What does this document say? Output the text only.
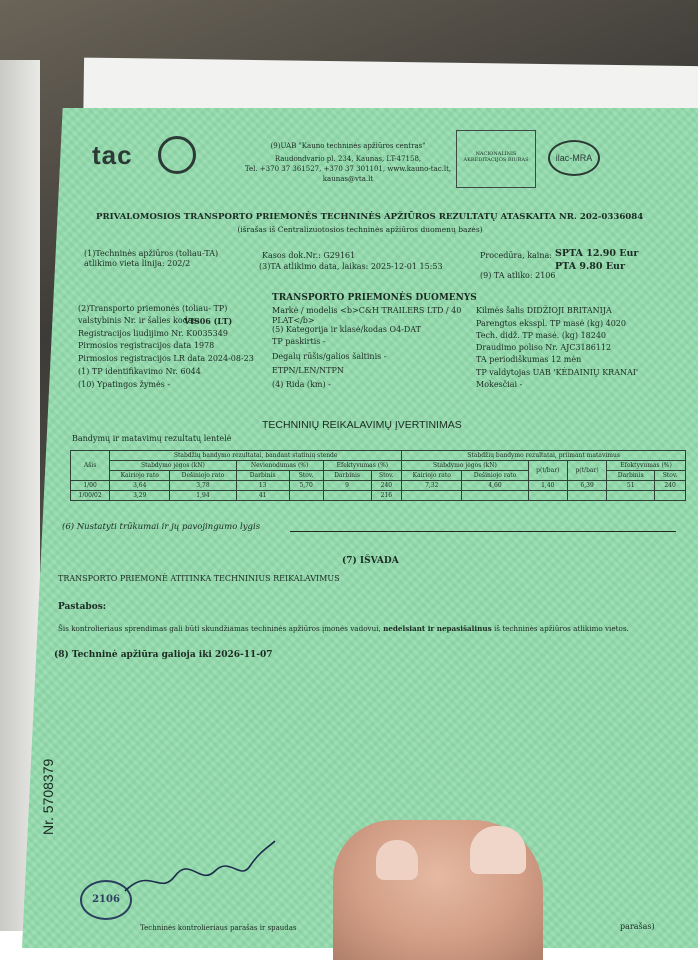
tac	(9)UAB "Kauno techninės apžiūros centras"
Raudondvario pl. 234, Kaunas, LT-47158,
Tel. +370 37 361527, +370 37 301101, www.kauno-tac.lt,
kaunas@vta.lt
NACIONALINIS AKREDITACIJOS BIURAS	ilac-MRA
PRIVALOMOSIOS TRANSPORTO PRIEMONĖS TECHNINĖS APŽIŪROS REZULTATŲ ATASKAITA NR. 202-0336084
(išrašas iš Centralizuotosios techninės apžiūros duomenų bazės)
(1)Techninės apžiūros (toliau-TA)
atlikimo vieta linija: 202/2
Kasos dok.Nr.: G29161
(3)TA atlikimo data, laikas: 2025-12-01 15:53
Procedūra, kaina: SPTA 12.90 Eur
PTA 9.80 Eur
(9) TA atliko: 2106
TRANSPORTO PRIEMONĖS DUOMENYS
(2)Transporto priemonės (toliau- TP)
valstybinis Nr. ir šalies kodas:
VIS06 (LT)
Registracijos liudijimo Nr. K0035349
Pirmosios registracijos data 1978
Pirmosios registracijos LR data 2024-08-23
(1) TP identifikavimo Nr. 6044
(10) Ypatingos žymės -
Markė / modelis <b>C&H TRAILERS LTD / 40
PLAT</b>
(5) Kategorija ir klasė/kodas O4-DAT
TP paskirtis -
Degalų rūšis/galios šaltinis -
ETPN/LEN/NTPN
(4) Rida (km) -
Kilmės šalis DIDŽIOJI BRITANIJA
Parengtos eksspl. TP masė (kg) 4020
Tech. didž. TP masė. (kg) 18240
Draudimo poliso Nr. AJC3186112
TA periodiškumas 12 mėn
TP valdytojas UAB 'KĖDAINIŲ KRANAI'
Mokesčiai -
TECHNINIŲ REIKALAVIMŲ ĮVERTINIMAS
Bandymų ir matavimų rezultatų lentelė
Ašis	Stabdžių bandymo rezultatai, bandant statinių stende						Stabdžių bandymo rezultatai, priimant matavimus					
	Stabdymo jėgos (kN)		Nevienodumas (%)		Efektyvumas (%)		Stabdymo jėgos (kN)		p(t/bar)	p(t/bar)	Efektyvumas (%)	
	Kairiojo rato	Dešiniojo rato	Darbinis	Stov.	Darbinis	Stov.	Kairiojo rato	Dešiniojo rato			Darbinis	Stov.
1/00	3,64	3,78	13	5,70	9	240	7,32	4,60	1,40	6,39	51	240
1/00/02	3,29	1,94	41			216						
(6) Nustatyti trūkumai ir jų pavojingumo lygis
(7) IŠVADA
TRANSPORTO PRIEMONĖ ATITINKA TECHNINIUS REIKALAVIMUS
Pastabos:
Šis kontrolieriaus sprendimas gali būti skundžiamas techninės apžiūros įmonės vadovui, nedelsiant ir nepasišalinus iš techninės apžiūros atlikimo vietos.
(8) Techninė apžiūra galioja iki 2026-11-07
Nr. 5708379
2106
Techninės kontrolieriaus parašas ir spaudas	parašas)
